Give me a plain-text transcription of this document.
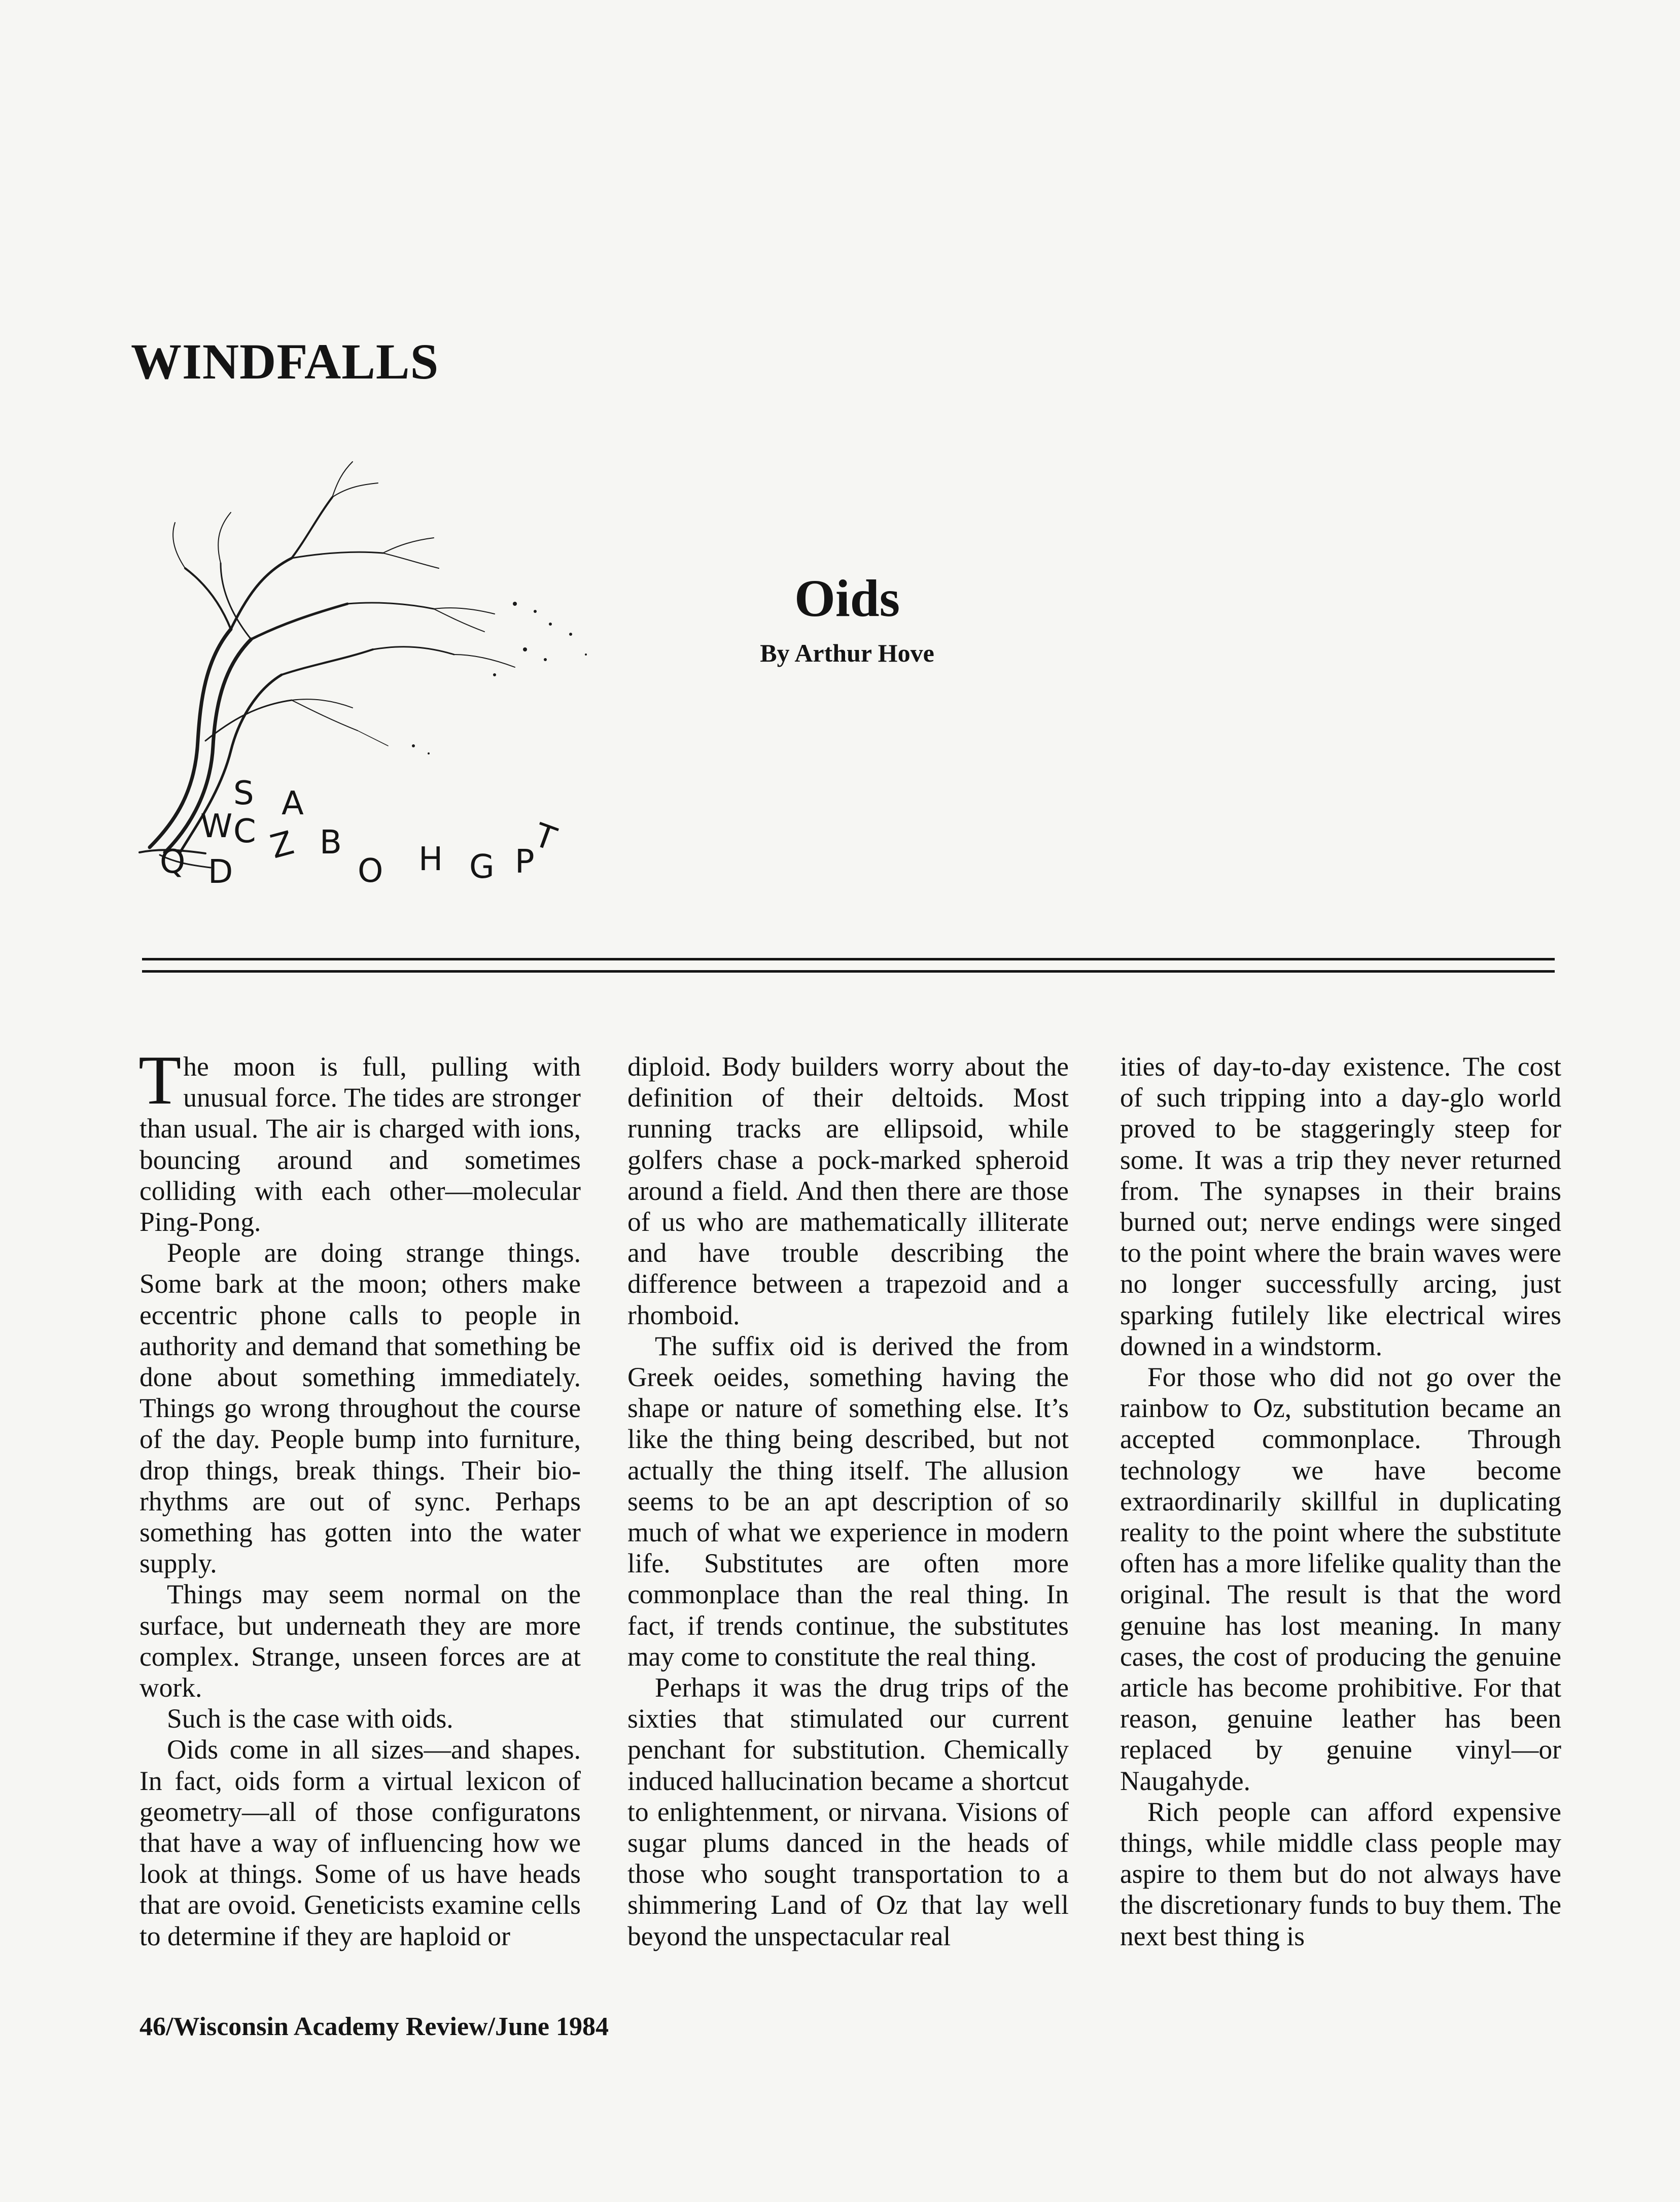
WINDFALLS
S A
W C Z B
Q D	O H G P
T
Oids
By Arthur Hove

The moon is full, pulling with unusual force. The tides are stronger than usual. The air is charged with ions, bouncing around and sometimes colliding with each other—molecular Ping-Pong.

People are doing strange things. Some bark at the moon; others make eccentric phone calls to people in authority and demand that something be done about something immediately. Things go wrong throughout the course of the day. People bump into furniture, drop things, break things. Their biorhythms are out of sync. Perhaps something has gotten into the water supply.

Things may seem normal on the surface, but underneath they are more complex. Strange, unseen forces are at work.

Such is the case with oids.

Oids come in all sizes—and shapes. In fact, oids form a virtual lexicon of geometry—all of those configuratons that have a way of influencing how we look at things. Some of us have heads that are ovoid. Geneticists examine cells to determine if they are haploid or

diploid. Body builders worry about the definition of their deltoids. Most running tracks are ellipsoid, while golfers chase a pock-marked spheroid around a field. And then there are those of us who are mathematically illiterate and have trouble describing the difference between a trapezoid and a rhomboid.

The suffix oid is derived the from Greek oeides, something having the shape or nature of something else. It’s like the thing being described, but not actually the thing itself. The allusion seems to be an apt description of so much of what we experience in modern life. Substitutes are often more commonplace than the real thing. In fact, if trends continue, the substitutes may come to constitute the real thing.

Perhaps it was the drug trips of the sixties that stimulated our current penchant for substitution. Chemically induced hallucination became a shortcut to enlightenment, or nirvana. Visions of sugar plums danced in the heads of those who sought transportation to a shimmering Land of Oz that lay well beyond the unspectacular real

ities of day-to-day existence. The cost of such tripping into a day-glo world proved to be staggeringly steep for some. It was a trip they never returned from. The synapses in their brains burned out; nerve endings were singed to the point where the brain waves were no longer successfully arcing, just sparking futilely like electrical wires downed in a windstorm.

For those who did not go over the rainbow to Oz, substitution became an accepted commonplace. Through technology we have become extraordinarily skillful in duplicating reality to the point where the substitute often has a more lifelike quality than the original. The result is that the word genuine has lost meaning. In many cases, the cost of producing the genuine article has become prohibitive. For that reason, genuine leather has been replaced by genuine vinyl—or Naugahyde.

Rich people can afford expensive things, while middle class people may aspire to them but do not always have the discretionary funds to buy them. The next best thing is

46/Wisconsin Academy Review/June 1984
